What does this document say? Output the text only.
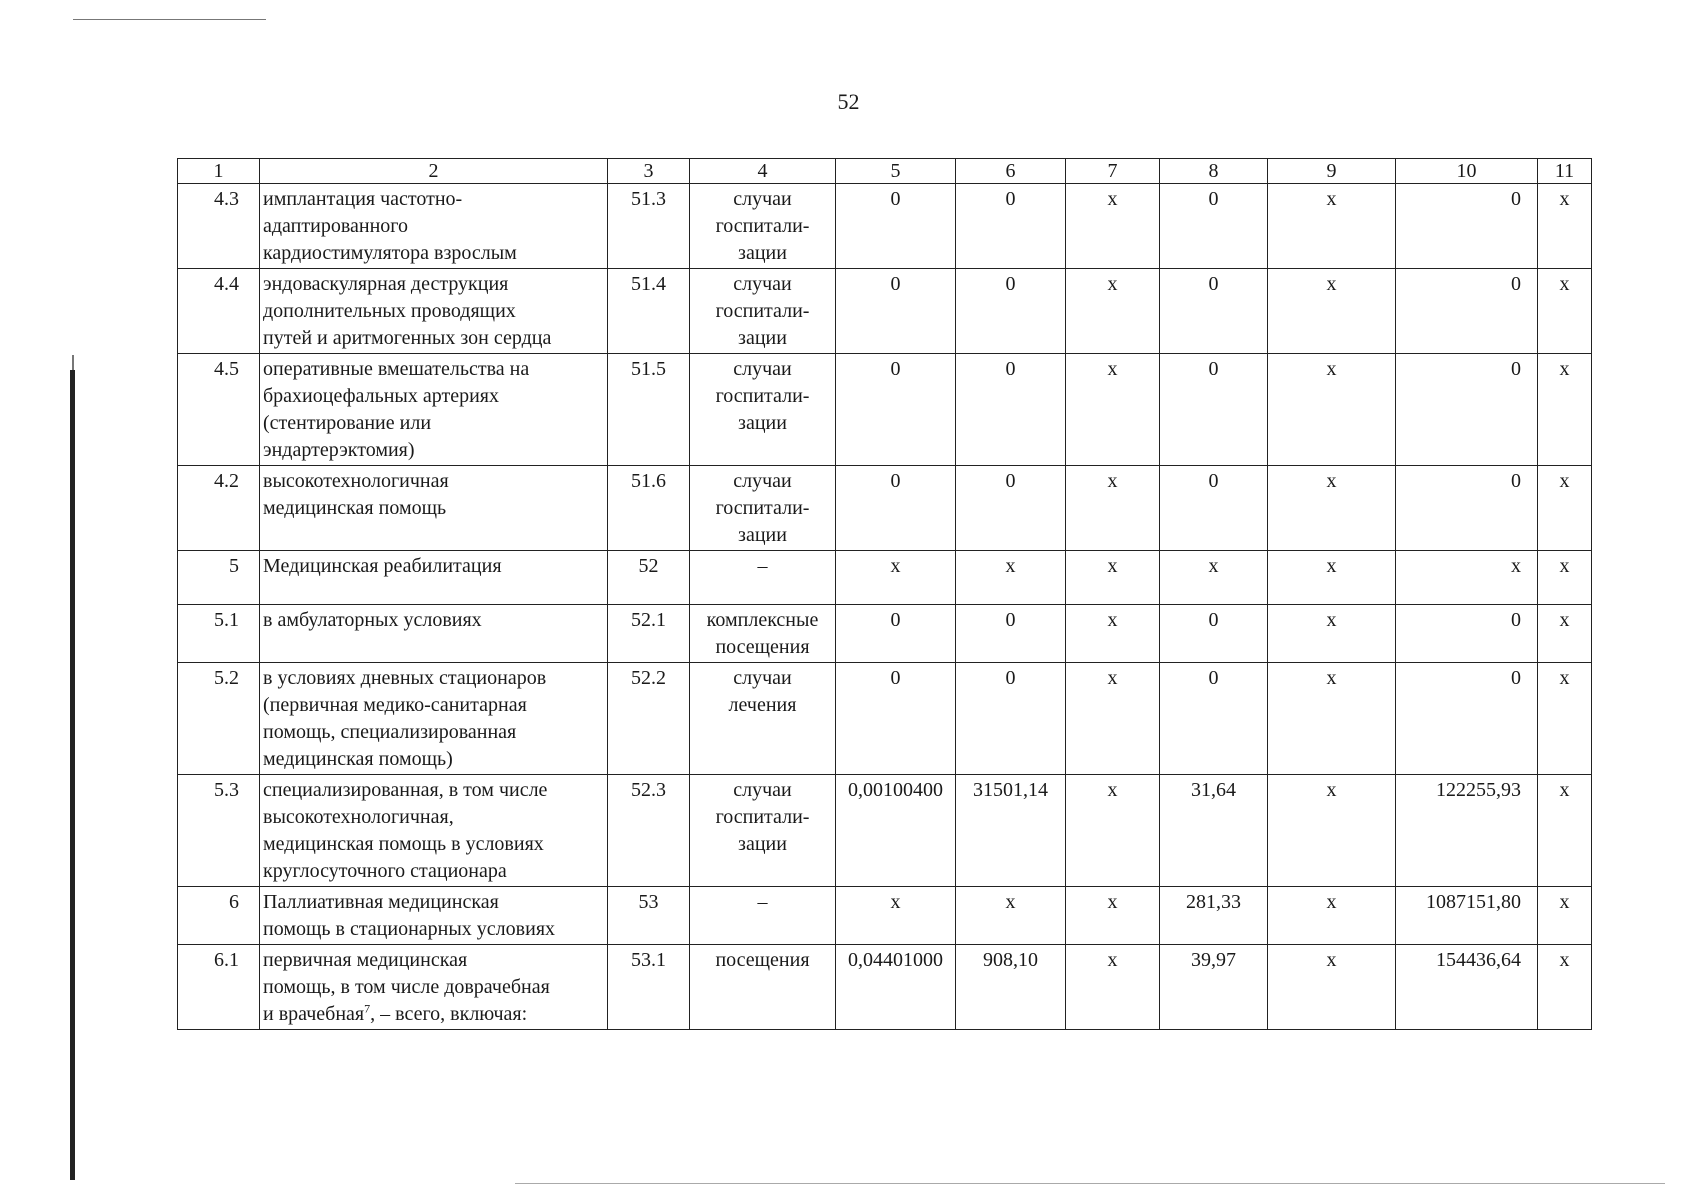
52
1	2	3	4	5	6	7	8	9	10	11
4.3	имплантация частотно-
адаптированного
кардиостимулятора взрослым	51.3	случаи
госпитали-
зации	0	0	x	0	x	0	x
4.4	эндоваскулярная деструкция
дополнительных проводящих
путей и аритмогенных зон сердца	51.4	случаи
госпитали-
зации	0	0	x	0	x	0	x
4.5	оперативные вмешательства на
брахиоцефальных артериях
(стентирование или
эндартерэктомия)	51.5	случаи
госпитали-
зации	0	0	x	0	x	0	x
4.2	высокотехнологичная
медицинская помощь	51.6	случаи
госпитали-
зации	0	0	x	0	x	0	x
5	Медицинская реабилитация	52	–	x	x	x	x	x	x	x
5.1	в амбулаторных условиях	52.1	комплексные
посещения	0	0	x	0	x	0	x
5.2	в условиях дневных стационаров
(первичная медико-санитарная
помощь, специализированная
медицинская помощь)	52.2	случаи
лечения	0	0	x	0	x	0	x
5.3	специализированная, в том числе
высокотехнологичная,
медицинская помощь в условиях
круглосуточного стационара	52.3	случаи
госпитали-
зации	0,00100400	31501,14	x	31,64	x	122255,93	x
6	Паллиативная медицинская
помощь в стационарных условиях	53	–	x	x	x	281,33	x	1087151,80	x
6.1	первичная медицинская
помощь, в том числе доврачебная
и врачебная$^7$, – всего, включая:	53.1	посещения	0,04401000	908,10	x	39,97	x	154436,64	x
